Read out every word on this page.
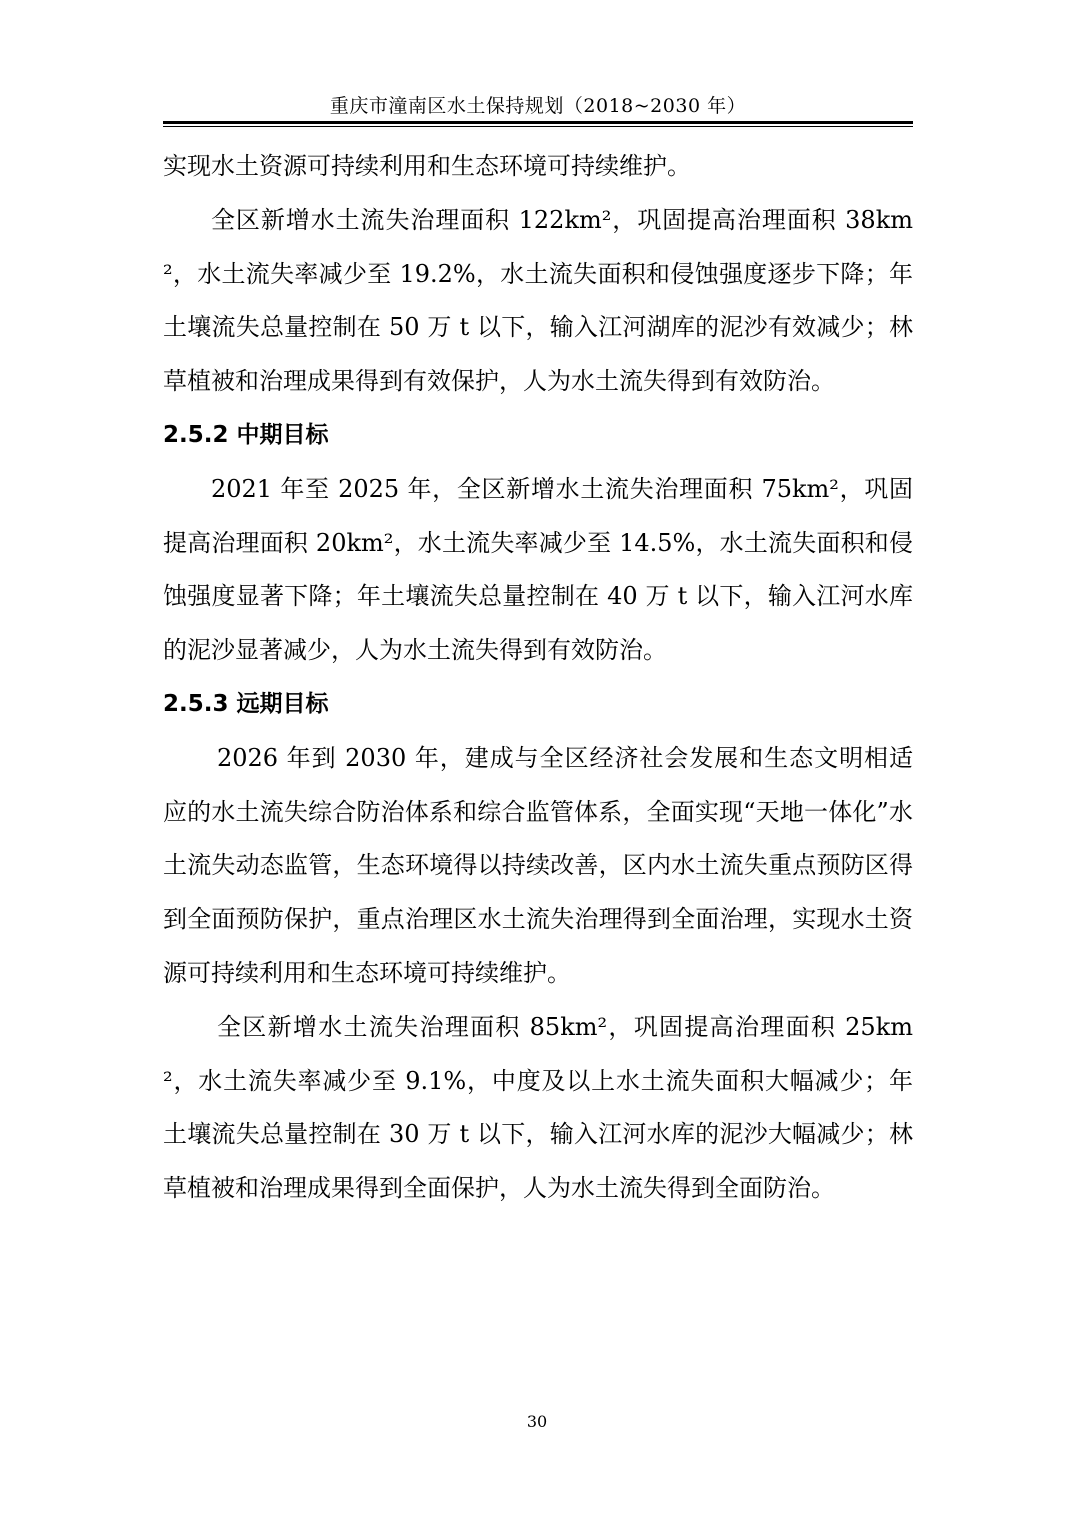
重庆市潼南区水土保持规划（2018~2030 年）

实现水土资源可持续利用和生态环境可持续维护。

全区新增水土流失治理面积 122km²，巩固提高治理面积 38km²，水土流失率减少至 19.2%，水土流失面积和侵蚀强度逐步下降；年土壤流失总量控制在 50 万 t 以下，输入江河湖库的泥沙有效减少；林草植被和治理成果得到有效保护，人为水土流失得到有效防治。

2.5.2 中期目标

2021 年至 2025 年，全区新增水土流失治理面积 75km²，巩固提高治理面积 20km²，水土流失率减少至 14.5%，水土流失面积和侵蚀强度显著下降；年土壤流失总量控制在 40 万 t 以下，输入江河水库的泥沙显著减少，人为水土流失得到有效防治。

2.5.3 远期目标

2026 年到 2030 年，建成与全区经济社会发展和生态文明相适应的水土流失综合防治体系和综合监管体系，全面实现“天地一体化”水土流失动态监管，生态环境得以持续改善，区内水土流失重点预防区得到全面预防保护，重点治理区水土流失治理得到全面治理，实现水土资源可持续利用和生态环境可持续维护。

全区新增水土流失治理面积 85km²，巩固提高治理面积 25km²，水土流失率减少至 9.1%，中度及以上水土流失面积大幅减少；年土壤流失总量控制在 30 万 t 以下，输入江河水库的泥沙大幅减少；林草植被和治理成果得到全面保护，人为水土流失得到全面防治。

30
